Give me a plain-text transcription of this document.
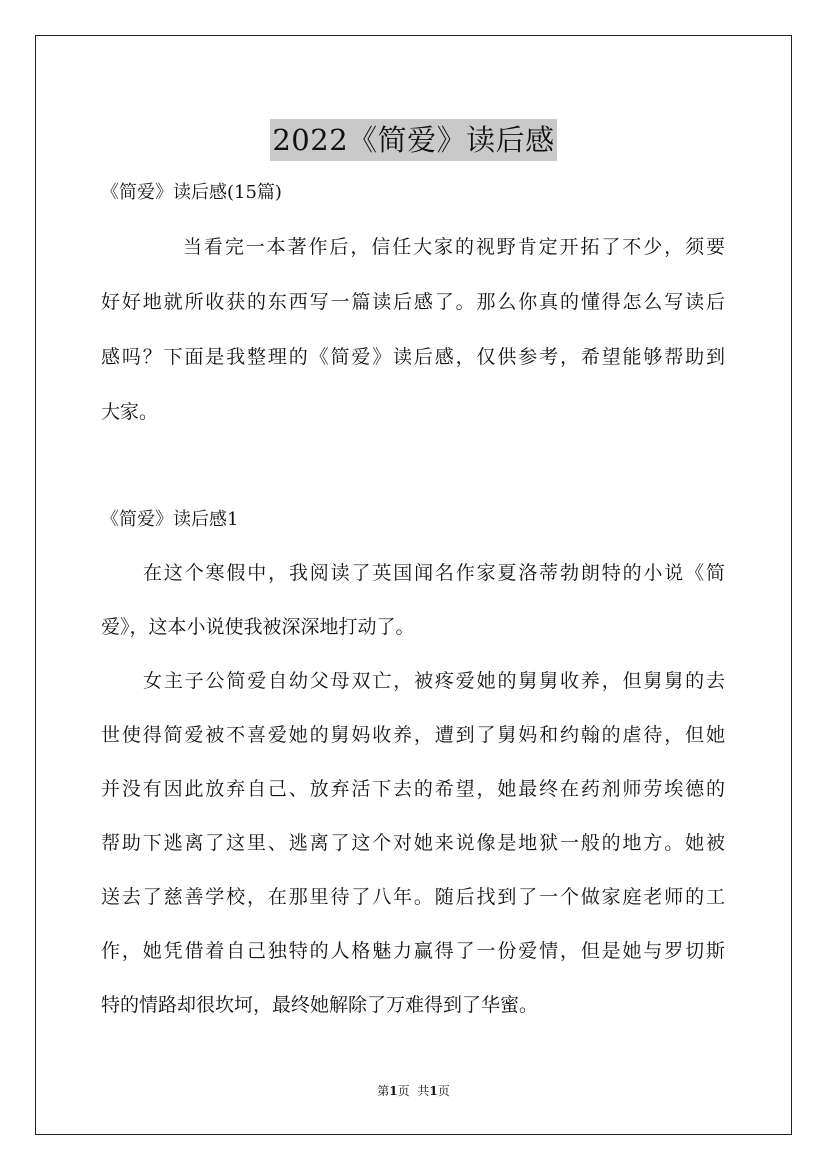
2022《简爱》读后感
《简爱》读后感(15篇)
当看完一本著作后，信任大家的视野肯定开拓了不少，须要
好好地就所收获的东西写一篇读后感了。那么你真的懂得怎么写读后
感吗？下面是我整理的《简爱》读后感，仅供参考，希望能够帮助到
大家。
《简爱》读后感1
在这个寒假中，我阅读了英国闻名作家夏洛蒂勃朗特的小说《简
爱》，这本小说使我被深深地打动了。
女主子公简爱自幼父母双亡，被疼爱她的舅舅收养，但舅舅的去
世使得简爱被不喜爱她的舅妈收养，遭到了舅妈和约翰的虐待，但她
并没有因此放弃自己、放弃活下去的希望，她最终在药剂师劳埃德的
帮助下逃离了这里、逃离了这个对她来说像是地狱一般的地方。她被
送去了慈善学校，在那里待了八年。随后找到了一个做家庭老师的工
作，她凭借着自己独特的人格魅力赢得了一份爱情，但是她与罗切斯
特的情路却很坎坷，最终她解除了万难得到了华蜜。
第1页 共1页
